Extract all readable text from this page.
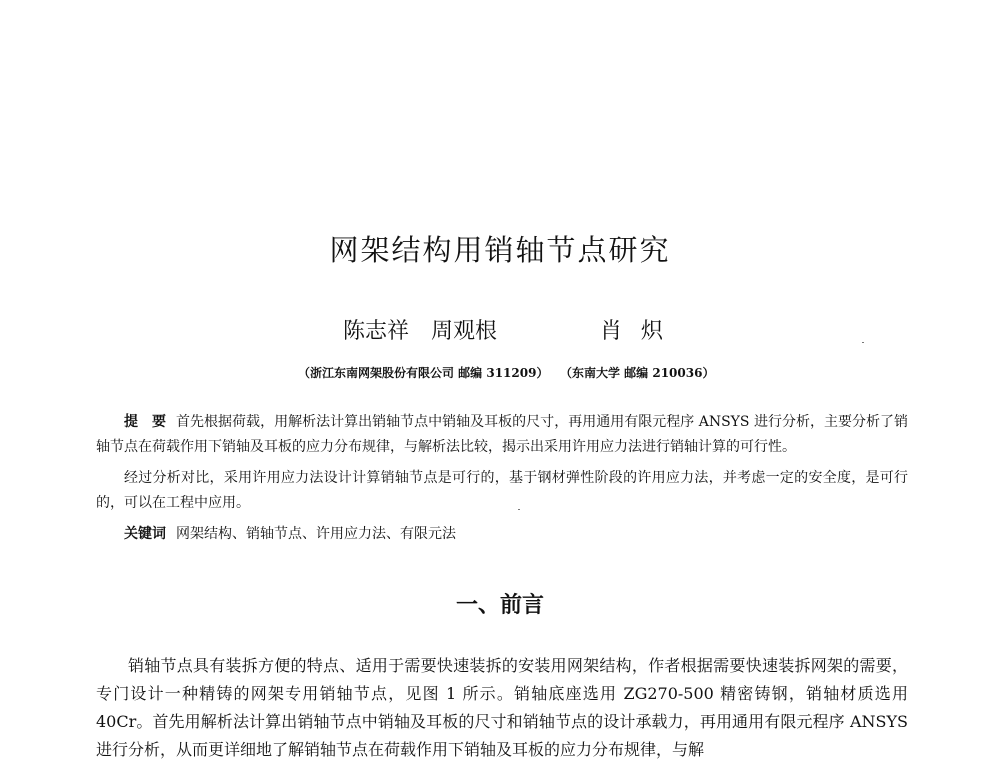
网架结构用销轴节点研究
陈志祥　周观根	肖 炽
（浙江东南网架股份有限公司 邮编 311209） （东南大学 邮编 210036）
提　要 首先根据荷载，用解析法计算出销轴节点中销轴及耳板的尺寸，再用通用有限元程序 ANSYS 进行分析，主要分析了销轴节点在荷载作用下销轴及耳板的应力分布规律，与解析法比较，揭示出采用许用应力法进行销轴计算的可行性。
经过分析对比，采用许用应力法设计计算销轴节点是可行的，基于钢材弹性阶段的许用应力法，并考虑一定的安全度，是可行的，可以在工程中应用。
关键词 网架结构、销轴节点、许用应力法、有限元法
一、前言
销轴节点具有装拆方便的特点、适用于需要快速装拆的安装用网架结构，作者根据需要快速装拆网架的需要，专门设计一种精铸的网架专用销轴节点，见图 1 所示。销轴底座选用 ZG270-500 精密铸钢，销轴材质选用 40Cr。首先用解析法计算出销轴节点中销轴及耳板的尺寸和销轴节点的设计承载力，再用通用有限元程序 ANSYS 进行分析，从而更详细地了解销轴节点在荷载作用下销轴及耳板的应力分布规律，与解
